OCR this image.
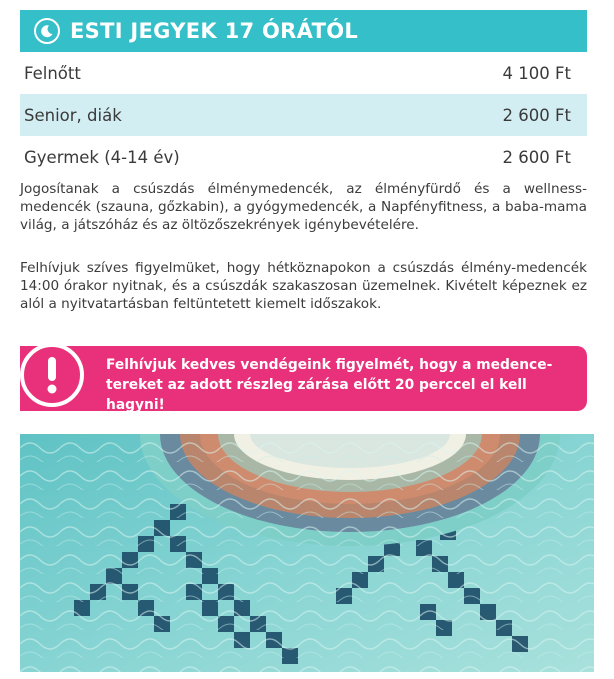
ESTI JEGYEK 17 ÓRÁTÓL
Felnőtt	4 100 Ft
Senior, diák	2 600 Ft
Gyermek (4-14 év)	2 600 Ft

Jogosítanak a csúszdás élménymedencék, az élményfürdő és a wellness-medencék (szauna, gőzkabin), a gyógymedencék, a Napfényfitness, a baba-mama világ, a játszóház és az öltözőszekrények igénybevételére.

Felhívjuk szíves figyelmüket, hogy hétköznapokon a csúszdás élmény-medencék 14:00 órakor nyitnak, és a csúszdák szakaszosan üzemelnek. Kivételt képeznek ez alól a nyitvatartásban feltüntetett kiemelt időszakok.

Felhívjuk kedves vendégeink figyelmét, hogy a medence-
tereket az adott részleg zárása előtt 20 perccel el kell hagyni!
